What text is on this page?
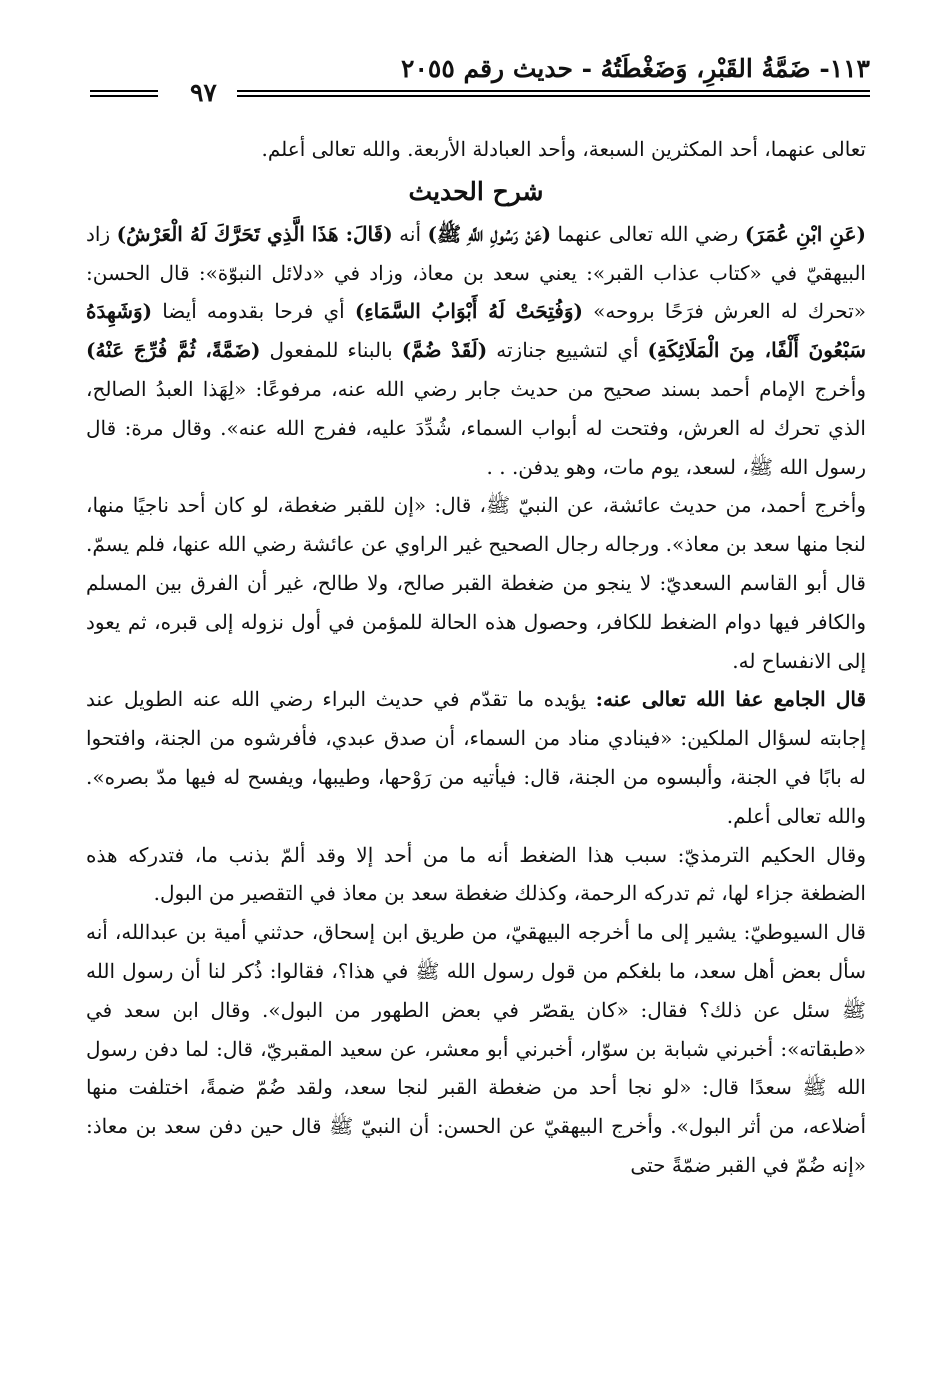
١١٣- ضَمَّةُ القَبْرِ، وَضَغْطَتُهُ - حديث رقم ٢٠٥٥
٩٧

تعالى عنهما، أحد المكثرين السبعة، وأحد العبادلة الأربعة. والله تعالى أعلم.

شرح الحديث

(عَنِ ابْنِ عُمَرَ) رضي الله تعالى عنهما (عَنْ رَسُولِ اللَّهِ ﷺ) أنه (قَالَ: هَذَا الَّذِي تَحَرَّكَ لَهُ الْعَرْشُ) زاد البيهقيّ في «كتاب عذاب القبر»: يعني سعد بن معاذ، وزاد في «دلائل النبوّة»: قال الحسن: «تحرك له العرش فرَحًا بروحه» (وَفُتِحَتْ لَهُ أَبْوَابُ السَّمَاءِ) أي فرحا بقدومه أيضا (وَشَهِدَهُ سَبْعُونَ أَلْفًا، مِنَ الْمَلَائِكَةِ) أي لتشييع جنازته (لَقَدْ ضُمَّ) بالبناء للمفعول (ضَمَّةً، ثُمَّ فُرِّجَ عَنْهُ) وأخرج الإمام أحمد بسند صحيح من حديث جابر رضي الله عنه، مرفوعًا: «لِهَذا العبدُ الصالح، الذي تحرك له العرش، وفتحت له أبواب السماء، شُدِّدَ عليه، ففرج الله عنه». وقال مرة: قال رسول الله ﷺ، لسعد، يوم مات، وهو يدفن. . .

وأخرج أحمد، من حديث عائشة، عن النبيّ ﷺ، قال: «إن للقبر ضغطة، لو كان أحد ناجيًا منها، لنجا منها سعد بن معاذ». ورجاله رجال الصحيح غير الراوي عن عائشة رضي الله عنها، فلم يسمّ. قال أبو القاسم السعديّ: لا ينجو من ضغطة القبر صالح، ولا طالح، غير أن الفرق بين المسلم والكافر فيها دوام الضغط للكافر، وحصول هذه الحالة للمؤمن في أول نزوله إلى قبره، ثم يعود إلى الانفساح له.

قال الجامع عفا الله تعالى عنه: يؤيده ما تقدّم في حديث البراء رضي الله عنه الطويل عند إجابته لسؤال الملكين: «فينادي مناد من السماء، أن صدق عبدي، فأفرشوه من الجنة، وافتحوا له بابًا في الجنة، وألبسوه من الجنة، قال: فيأتيه من رَوْحها، وطيبها، ويفسح له فيها مدّ بصره». والله تعالى أعلم.

وقال الحكيم الترمذيّ: سبب هذا الضغط أنه ما من أحد إلا وقد ألمّ بذنب ما، فتدركه هذه الضطغة جزاء لها، ثم تدركه الرحمة، وكذلك ضغطة سعد بن معاذ في التقصير من البول.

قال السيوطيّ: يشير إلى ما أخرجه البيهقيّ، من طريق ابن إسحاق، حدثني أمية بن عبدالله، أنه سأل بعض أهل سعد، ما بلغكم من قول رسول الله ﷺ في هذا؟، فقالوا: ذُكر لنا أن رسول الله ﷺ سئل عن ذلك؟ فقال: «كان يقصّر في بعض الطهور من البول». وقال ابن سعد في «طبقاته»: أخبرني شبابة بن سوّار، أخبرني أبو معشر، عن سعيد المقبريّ، قال: لما دفن رسول الله ﷺ سعدًا قال: «لو نجا أحد من ضغطة القبر لنجا سعد، ولقد ضُمّ ضمةً، اختلفت منها أضلاعه، من أثر البول». وأخرج البيهقيّ عن الحسن: أن النبيّ ﷺ قال حين دفن سعد بن معاذ: «إنه ضُمّ في القبر ضمّةً حتى
